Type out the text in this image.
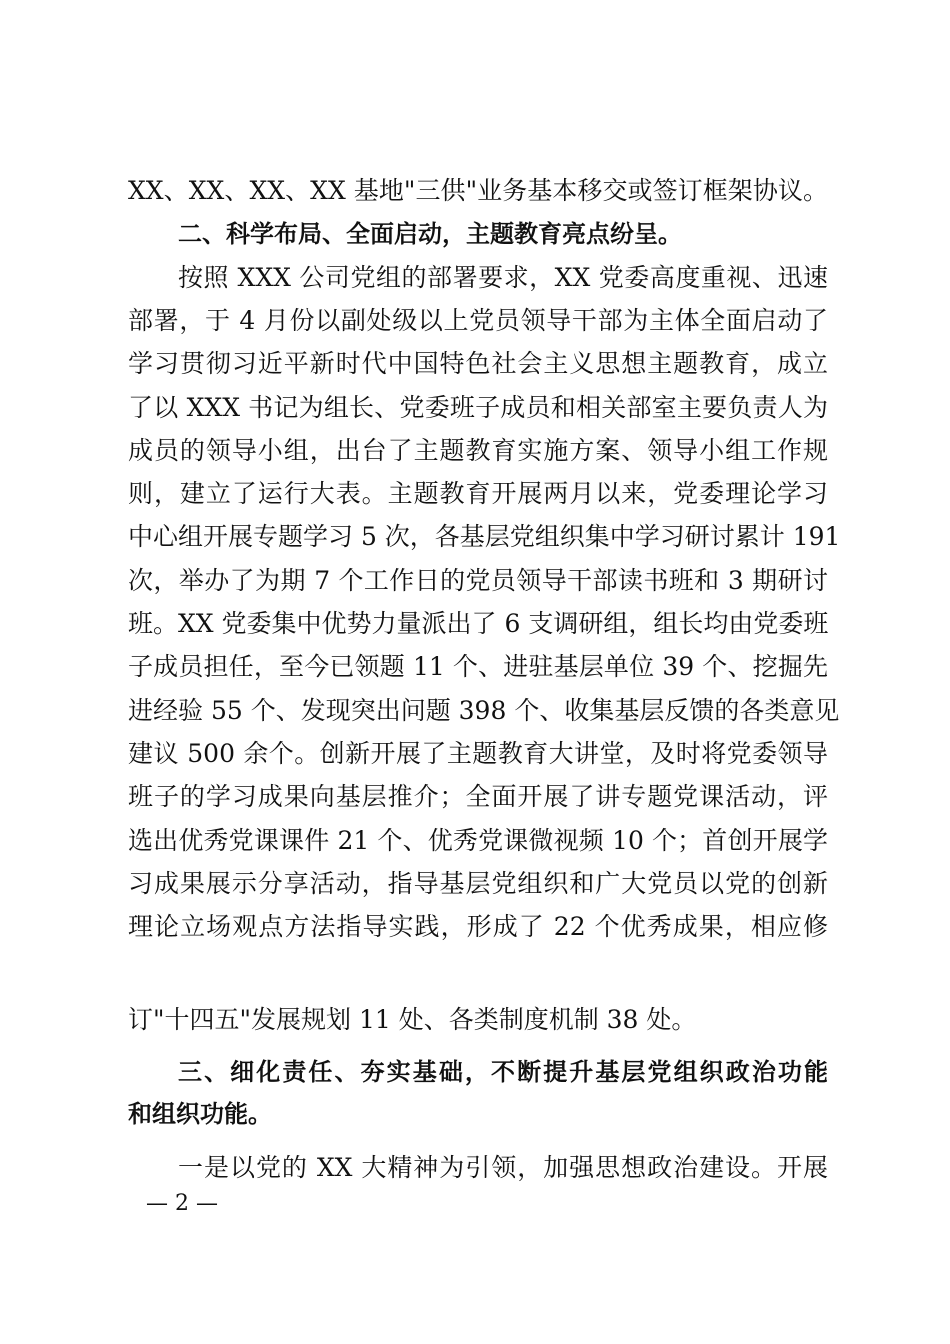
XX、XX、XX、XX 基地"三供"业务基本移交或签订框架协议。
二、科学布局、全面启动，主题教育亮点纷呈。
按照 XXX 公司党组的部署要求，XX 党委高度重视、迅速
部署，于 4 月份以副处级以上党员领导干部为主体全面启动了
学习贯彻习近平新时代中国特色社会主义思想主题教育，成立
了以 XXX 书记为组长、党委班子成员和相关部室主要负责人为
成员的领导小组，出台了主题教育实施方案、领导小组工作规
则，建立了运行大表。主题教育开展两月以来，党委理论学习
中心组开展专题学习 5 次，各基层党组织集中学习研讨累计 191
次，举办了为期 7 个工作日的党员领导干部读书班和 3 期研讨
班。XX 党委集中优势力量派出了 6 支调研组，组长均由党委班
子成员担任，至今已领题 11 个、进驻基层单位 39 个、挖掘先
进经验 55 个、发现突出问题 398 个、收集基层反馈的各类意见
建议 500 余个。创新开展了主题教育大讲堂，及时将党委领导
班子的学习成果向基层推介；全面开展了讲专题党课活动，评
选出优秀党课课件 21 个、优秀党课微视频 10 个；首创开展学
习成果展示分享活动，指导基层党组织和广大党员以党的创新
理论立场观点方法指导实践，形成了 22 个优秀成果，相应修
订"十四五"发展规划 11 处、各类制度机制 38 处。
三、细化责任、夯实基础，不断提升基层党组织政治功能
和组织功能。
一是以党的 XX 大精神为引领，加强思想政治建设。开展
— 2 —
